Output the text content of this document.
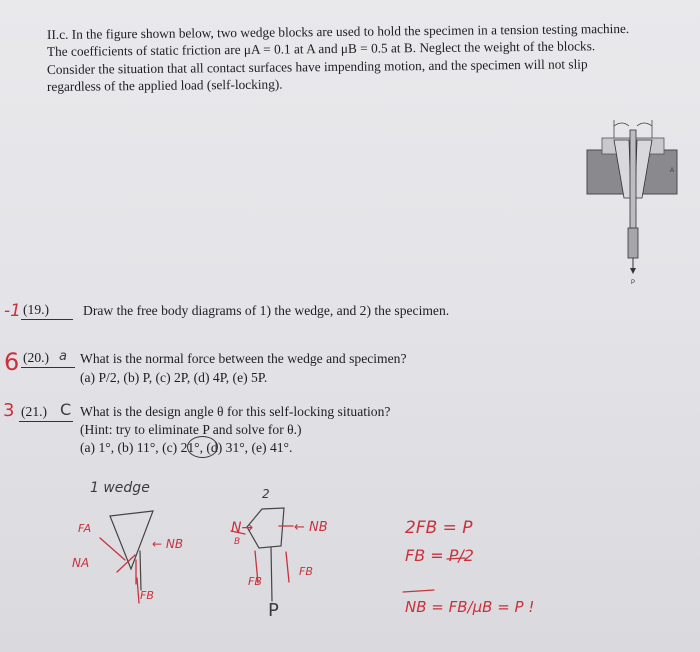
II.c. In the figure shown below, two wedge blocks are used to hold the specimen in a tension testing machine.
The coefficients of static friction are μA = 0.1 at A and μB = 0.5 at B. Neglect the weight of the blocks.
Consider the situation that all contact surfaces have impending motion, and the specimen will not slip
regardless of the applied load (self-locking).
A
P
-1 (19.) Draw the free body diagrams of 1) the wedge, and 2) the specimen.
6 (20.) a What is the normal force between the wedge and specimen?
(a) P/2, (b) P, (c) 2P, (d) 4P, (e) 5P.
3 (21.) C What is the design angle θ for this self-locking situation?
(Hint: try to eliminate P and solve for θ.)
(a) 1°, (b) 11°, (c) 21°, (d) 31°, (e) 41°.
1 wedge	2
FA
NA
← NB
FB
N→
B
← NB
FB
FB
P
2FB = P
FB = P/2
NB = FB/μB = P !
